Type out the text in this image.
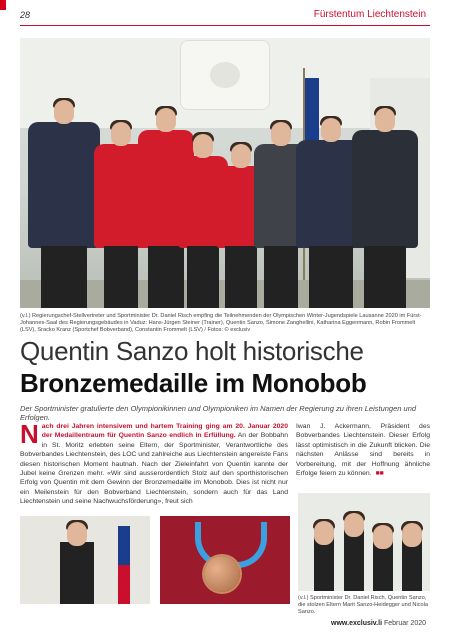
28	Fürstentum Liechtenstein
(v.l.) Regierungschef-Stellvertreter und Sportminister Dr. Daniel Risch empfing die Teilnehmenden der Olympischen Winter-Jugendspiele Lausanne 2020 im Fürst-Johannes-Saal des Regierungsgebäudes in Vaduz: Hans-Jürgen Steiner (Trainer), Quentin Sanzo, Simone Zanghellini, Katharina Eggenmann, Robin Frommelt (LSV), Sracko Kranz (Sportchef Bobverband), Constantin Frommelt (LSV) / Fotos: © exclusiv
Quentin Sanzo holt historische
Bronzemedaille im Monobob
Der Sportminister gratulierte den Olympionikinnen und Olympioniken im Namen der Regierung zu ihren Leistungen und Erfolgen.
Nach drei Jahren intensivem und hartem Training ging am 20. Januar 2020 der Medaillentraum für Quentin Sanzo endlich in Erfüllung. An der Bobbahn in St. Moritz erlebten seine Eltern, der Sportminister, Verantwortliche des Bobverbandes Liechtenstein, des LOC und zahlreiche aus Liechtenstein angereiste Fans diesen historischen Moment hautnah. Nach der Zieleinfahrt von Quentin kannte der Jubel keine Grenzen mehr. «Wir sind ausserordentlich Stolz auf den sporthistorischen Erfolg von Quentin mit dem Gewinn der Bronzemedaille im Monobob. Dies ist nicht nur ein Meilenstein für den Bobverband Liechtenstein, sondern auch für das Land Liechtenstein und seine Nachwuchsförderung», freut sich
Iwan J. Ackermann, Präsident des Bobverbandes Liechtenstein. Dieser Erfolg lässt optimistisch in die Zukunft blicken. Die nächsten Anlässe sind bereits in Vorbereitung, mit der Hoffnung ähnliche Erfolge feiern zu können. ■■
(v.l.) Sportminister Dr. Daniel Risch, Quentin Sanzo, die stolzen Eltern Marit Sanzo-Heidegger und Nicola Sanzo.
www.exclusiv.li Februar 2020
